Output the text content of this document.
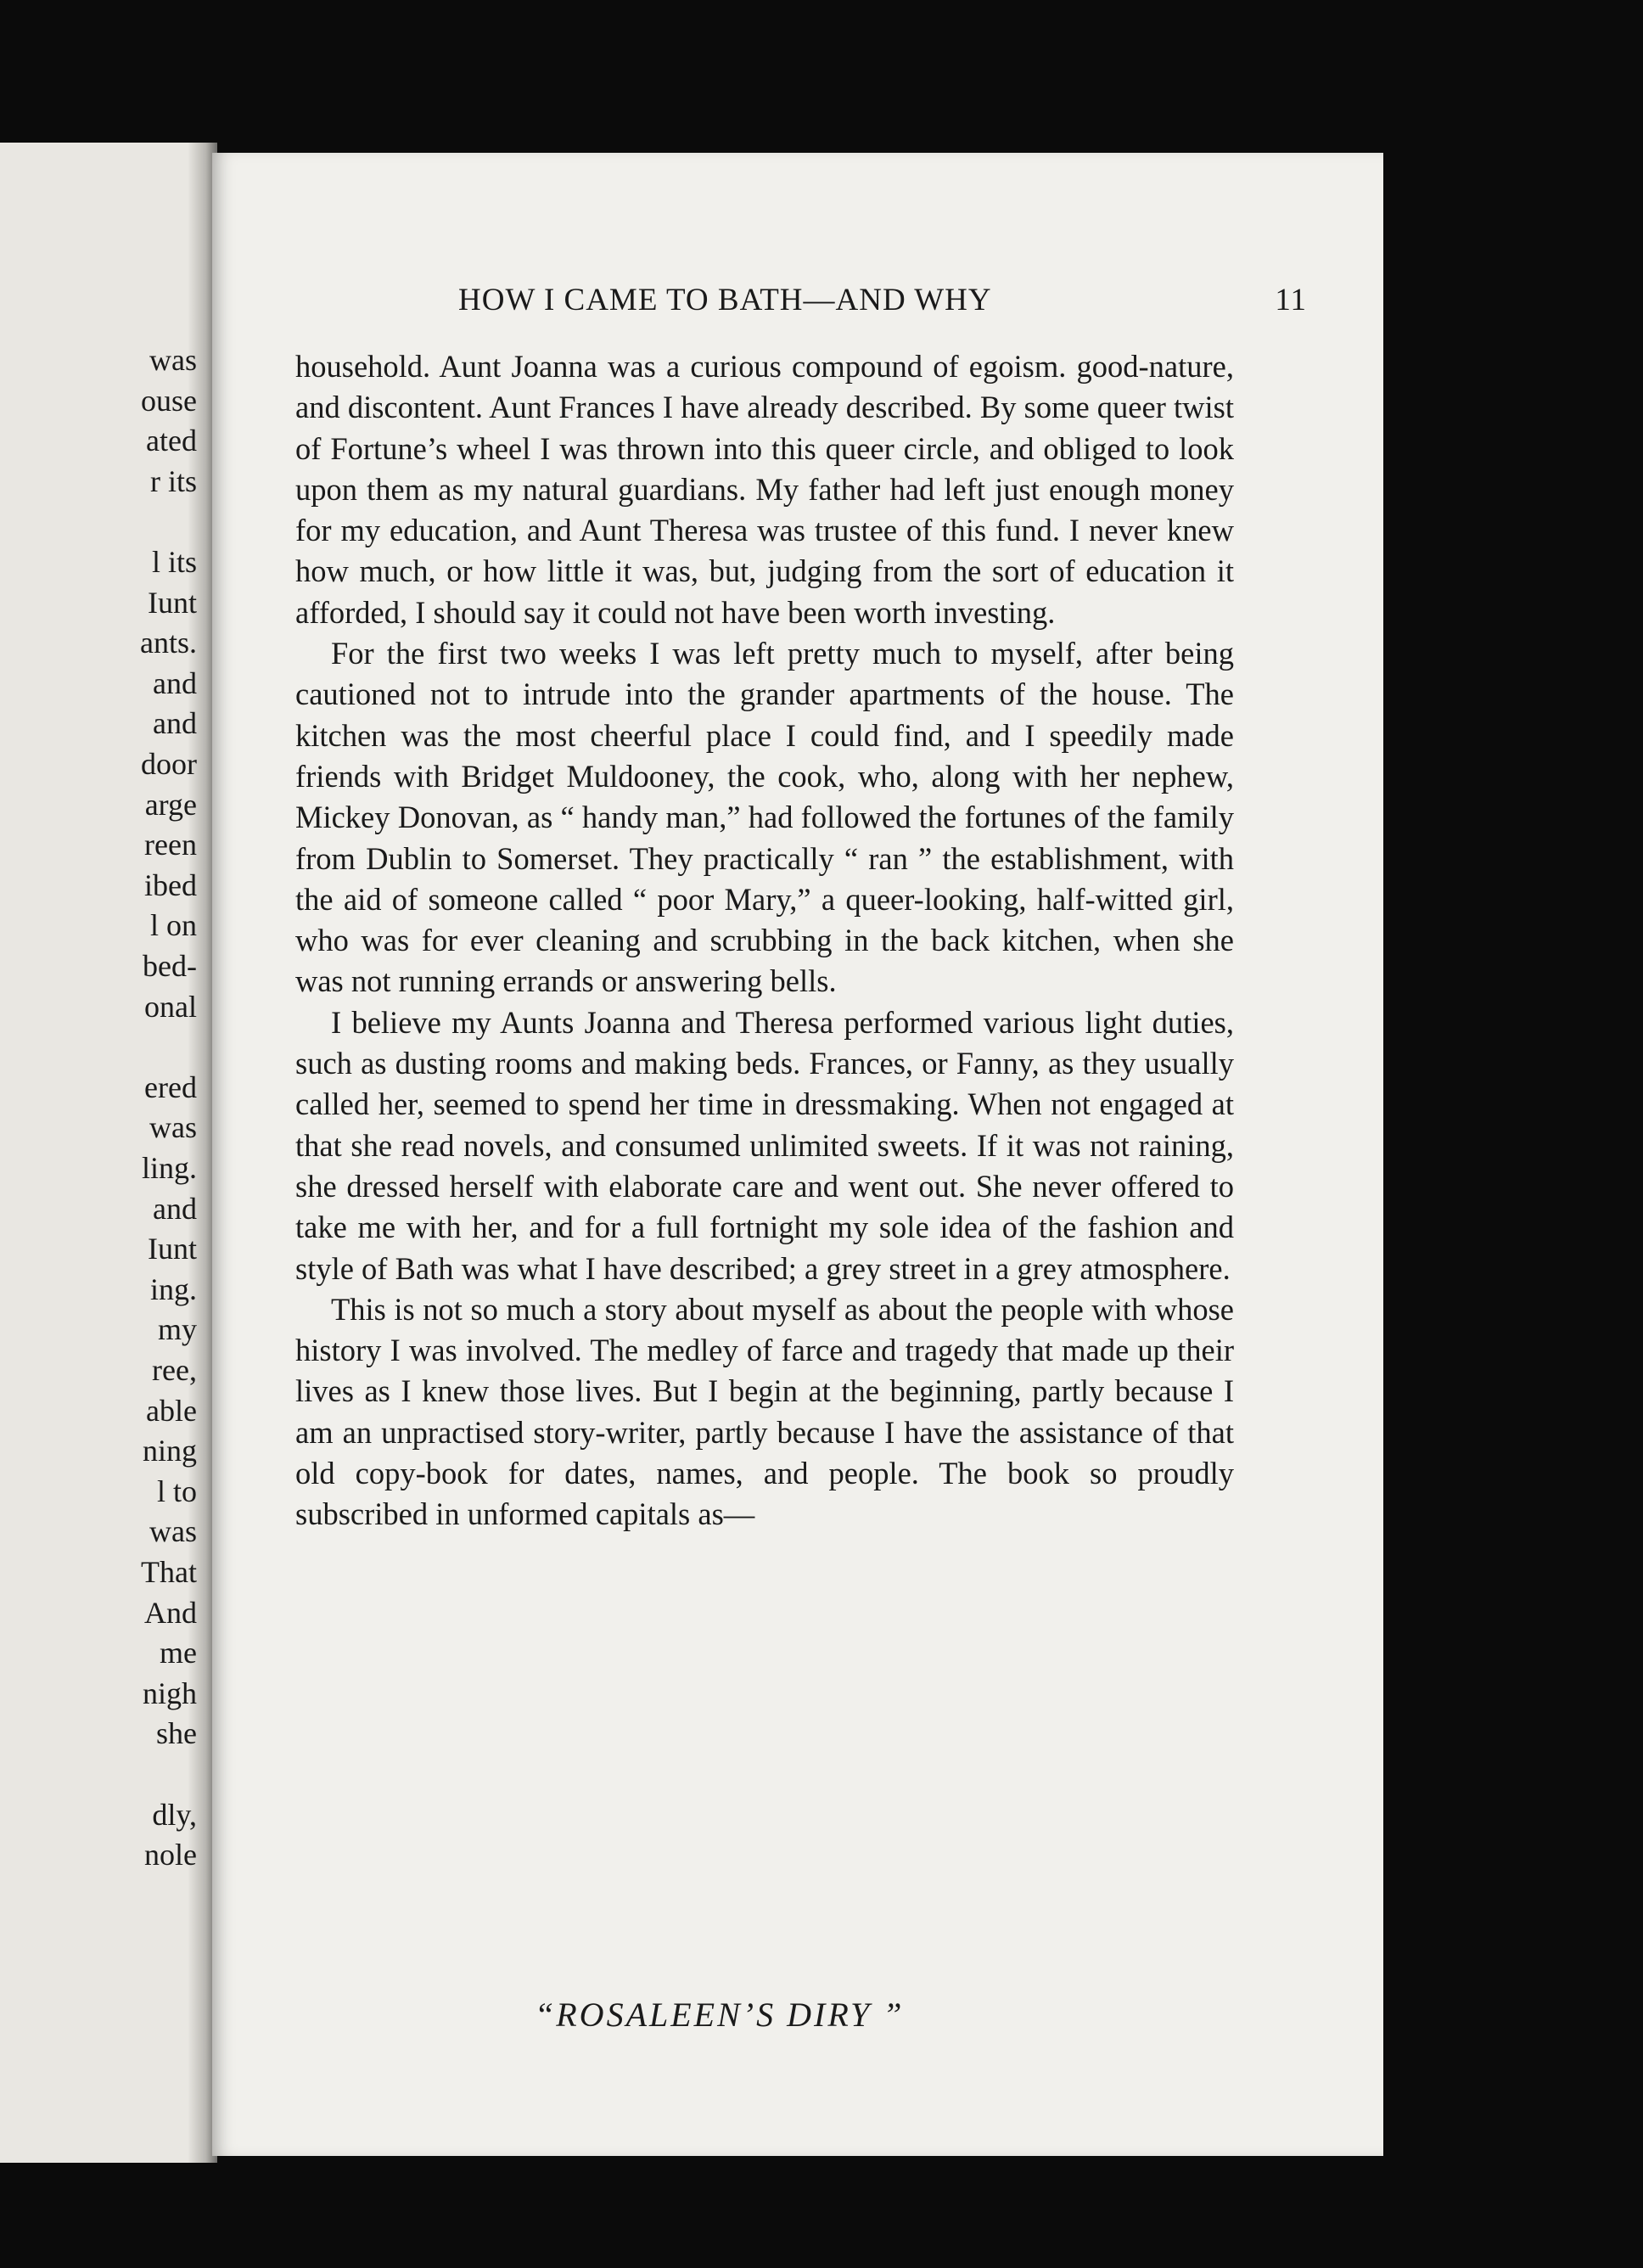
was
ouse
ated
r its
l its
Ιunt
ants.
and
and
door
arge
reen
ibed
l on
bed-
onal
ered
was
ling.
and
Ιunt
ing.
my
ree,
able
ning
l to
was
That
And
me
nigh
she
dly,
nole
HOW I CAME TO BATH—AND WHY	11

household. Aunt Joanna was a curious compound of egoism. good-nature, and discontent. Aunt Frances I have already described. By some queer twist of Fortune’s wheel I was thrown into this queer circle, and obliged to look upon them as my natural guardians. My father had left just enough money for my education, and Aunt Theresa was trustee of this fund. I never knew how much, or how little it was, but, judging from the sort of education it afforded, I should say it could not have been worth investing.

For the first two weeks I was left pretty much to myself, after being cautioned not to intrude into the grander apartments of the house. The kitchen was the most cheerful place I could find, and I speedily made friends with Bridget Muldooney, the cook, who, along with her nephew, Mickey Donovan, as “ handy man,” had followed the fortunes of the family from Dublin to Somerset. They practically “ ran ” the establishment, with the aid of someone called “ poor Mary,” a queer-looking, half-witted girl, who was for ever cleaning and scrubbing in the back kitchen, when she was not running errands or answering bells.

I believe my Aunts Joanna and Theresa performed various light duties, such as dusting rooms and making beds. Frances, or Fanny, as they usually called her, seemed to spend her time in dressmaking. When not engaged at that she read novels, and consumed unlimited sweets. If it was not raining, she dressed herself with elaborate care and went out. She never offered to take me with her, and for a full fortnight my sole idea of the fashion and style of Bath was what I have described; a grey street in a grey atmosphere.

This is not so much a story about myself as about the people with whose history I was involved. The medley of farce and tragedy that made up their lives as I knew those lives. But I begin at the beginning, partly because I am an unpractised story-writer, partly because I have the assistance of that old copy-book for dates, names, and people. The book so proudly subscribed in unformed capitals as—

“ROSALEEN’S DIRY ”
